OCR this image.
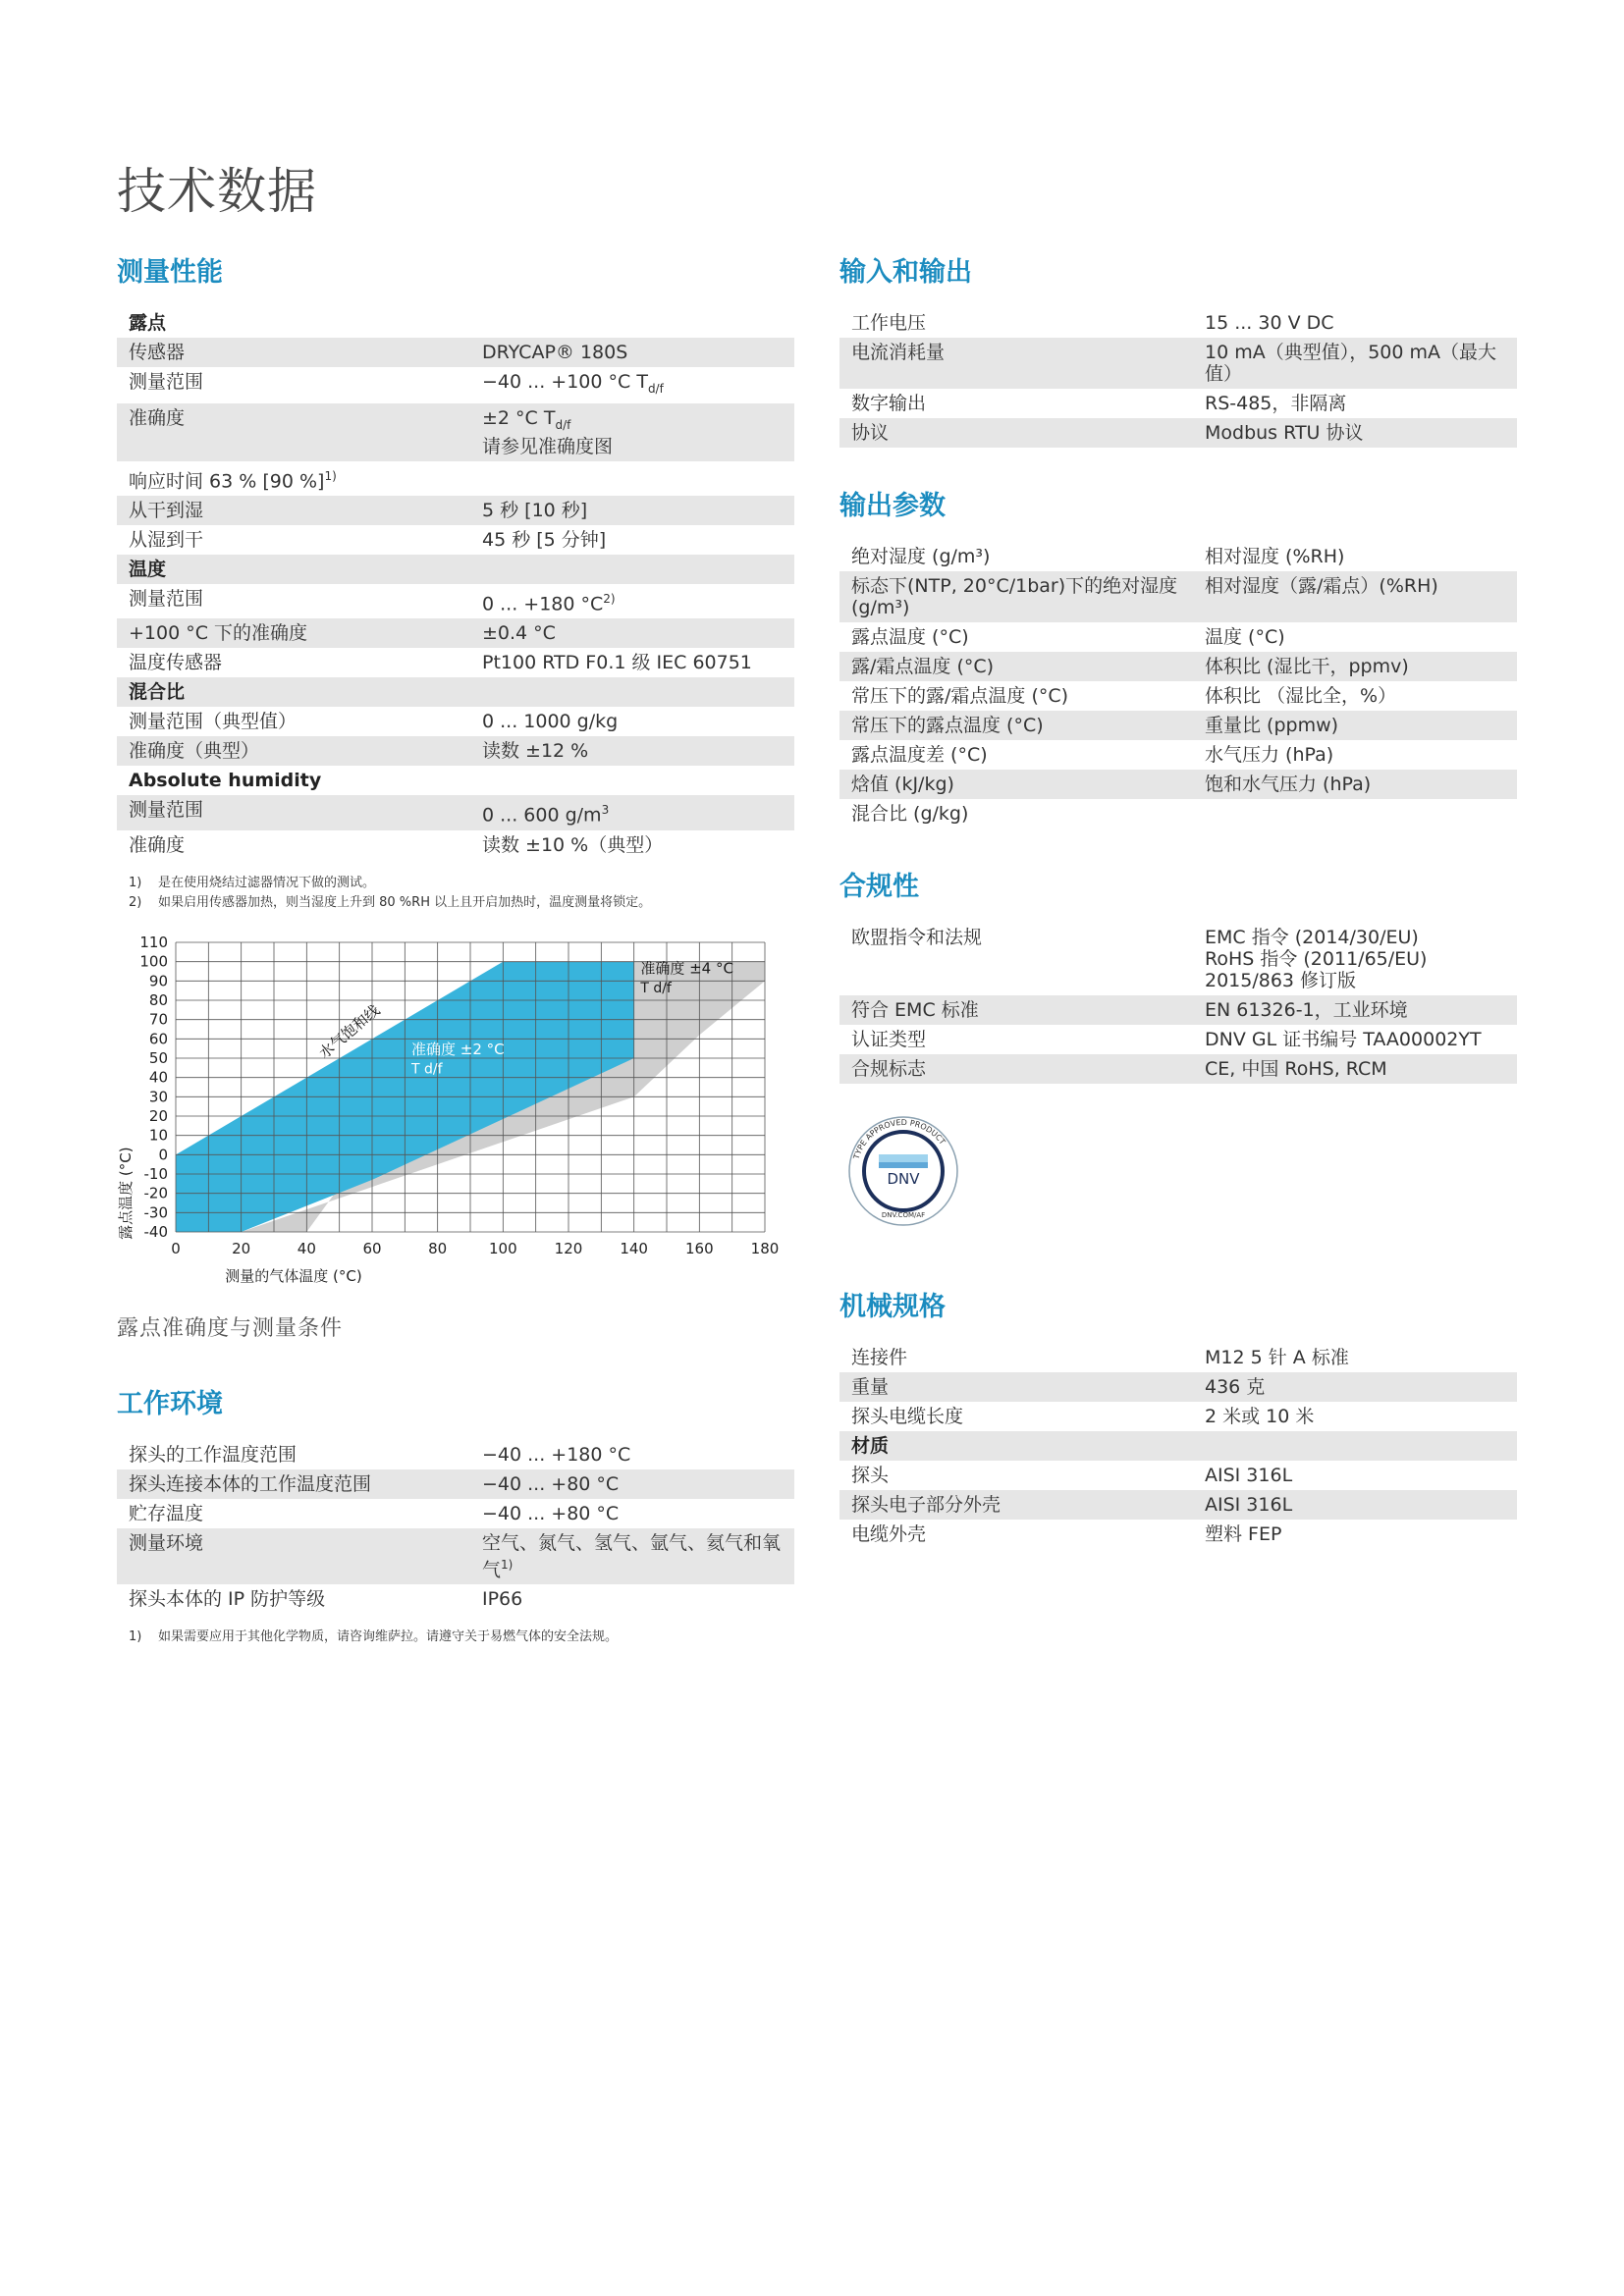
技术数据
测量性能
露点	
传感器	DRYCAP® 180S
测量范围	−40 ... +100 °C $T_{d/f}$
准确度	±2 °C $T_{d/f}$
请参见准确度图
响应时间 63 % [90 %]$^{1)}$	
从干到湿	5 秒 [10 秒]
从湿到干	45 秒 [5 分钟]
温度	
测量范围	0 ... +180 $^\circ C^{2)}$
+100 °C 下的准确度	±0.4 °C
温度传感器	Pt100 RTD F0.1 级 IEC 60751
混合比	
测量范围（典型值）	0 ... 1000 g/kg
准确度（典型）	读数 ±12 %
Absolute humidity	
测量范围	0 ... 600 $g/m^3$
准确度	读数 ±10 %（典型）
1) 是在使用烧结过滤器情况下做的测试。
2) 如果启用传感器加热，则当湿度上升到 80 %RH 以上且开启加热时，温度测量将锁定。
0	20	40	60	80	100	120	140	160	180
110
100
90
80
70
60
50
40
30
20
10
0
-10
-20
-30
-40
测量的气体温度 (°C)
露点温度 (°C)
水气饱和线 准确度 ±2 °C
T d/f
准确度 ±4 °C
T d/f
露点准确度与测量条件
工作环境
探头的工作温度范围	−40 ... +180 °C
探头连接本体的工作温度范围	−40 ... +80 °C
贮存温度	−40 ... +80 °C
测量环境	空气、氮气、氢气、氩气、氦气和氧气$^{1)}$
探头本体的 IP 防护等级	IP66
1) 如果需要应用于其他化学物质，请咨询维萨拉。请遵守关于易燃气体的安全法规。
输入和输出
工作电压	15 ... 30 V DC
电流消耗量	10 mA（典型值），500 mA（最大值）
数字输出	RS-485，非隔离
协议	Modbus RTU 协议
输出参数
绝对湿度 (g/m³)	相对湿度 (%RH)
标态下(NTP, 20°C/1bar)下的绝对湿度 (g/m³)	相对湿度（露/霜点）(%RH)
露点温度 (°C)	温度 (°C)
露/霜点温度 (°C)	体积比 (湿比干，ppmv)
常压下的露/霜点温度 (°C)	体积比 （湿比全，%）
常压下的露点温度 (°C)	重量比 (ppmw)
露点温度差 (°C)	水气压力 (hPa)
焓值 (kJ/kg)	饱和水气压力 (hPa)
混合比 (g/kg)	
合规性
欧盟指令和法规	EMC 指令 (2014/30/EU)
RoHS 指令 (2011/65/EU) 2015/863 修订版
符合 EMC 标准	EN 61326-1，工业环境
认证类型	DNV GL 证书编号 TAA00002YT
合规标志	CE, 中国 RoHS, RCM
TYPE APPROVED PRODUCT
DNV
DNV.COM/AF
机械规格
连接件	M12 5 针 A 标准
重量	436 克
探头电缆长度	2 米或 10 米
材质	
探头	AISI 316L
探头电子部分外壳	AISI 316L
电缆外壳	塑料 FEP
